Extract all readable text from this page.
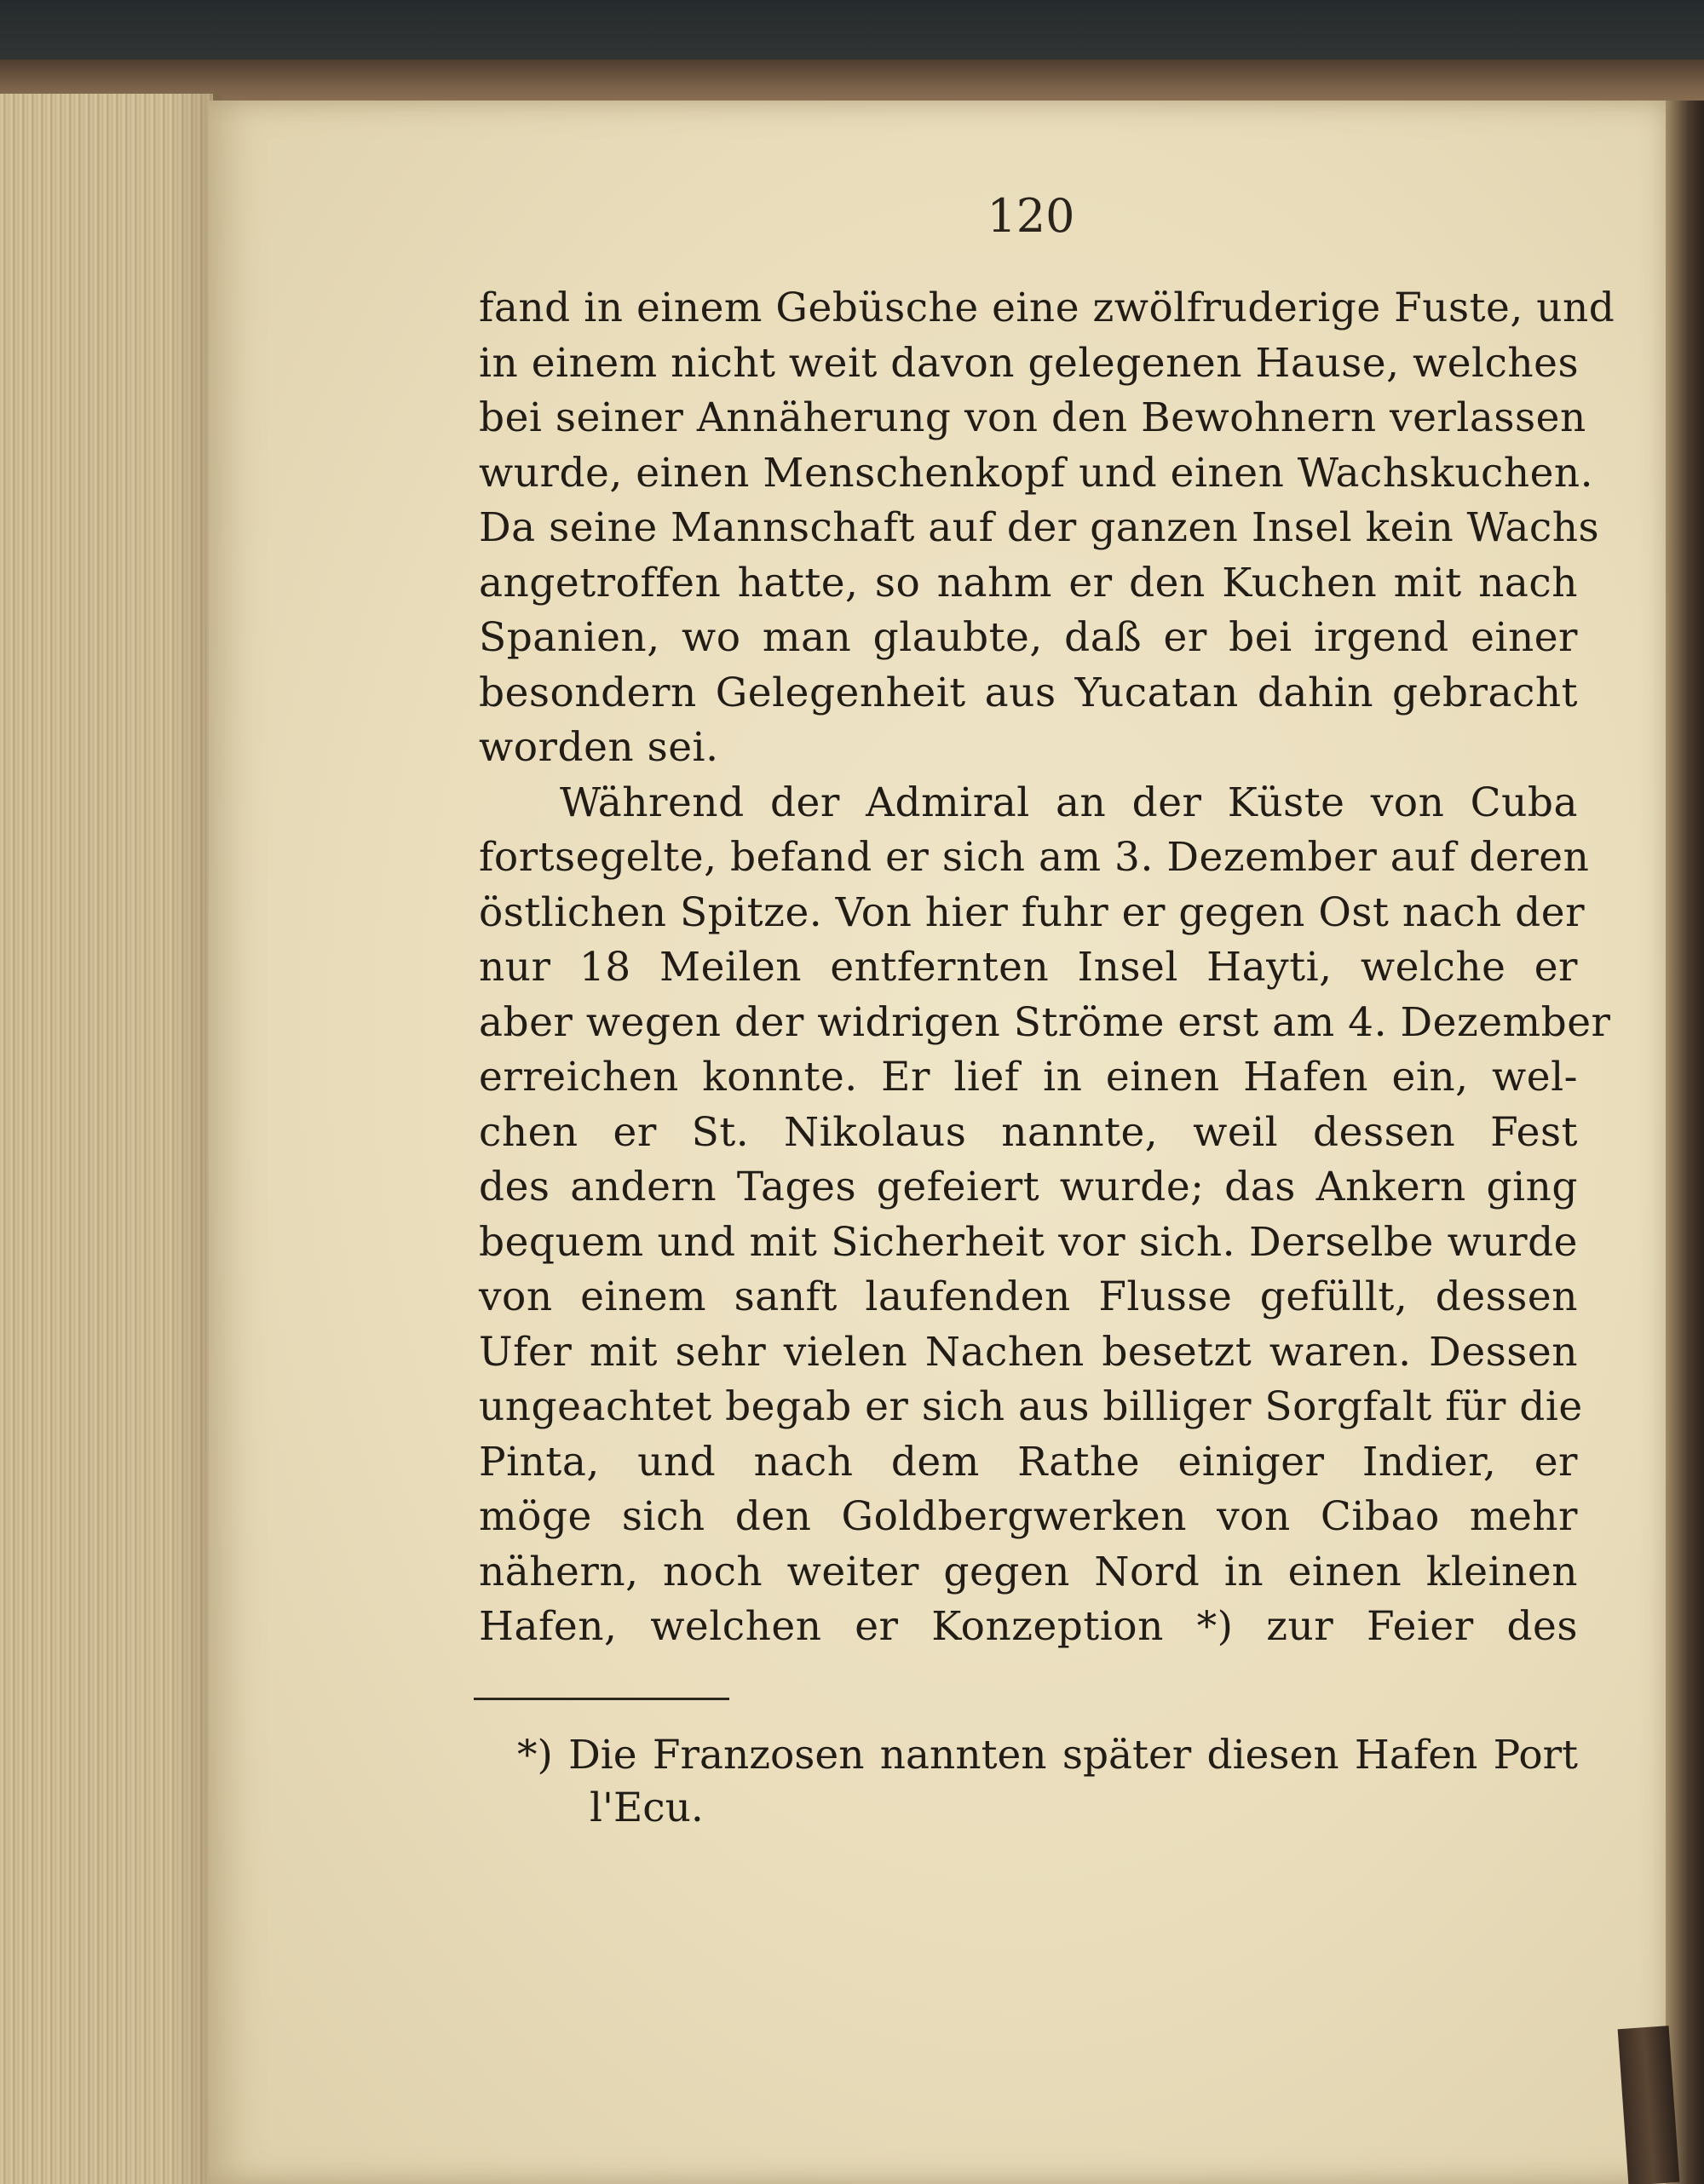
120
fand in einem Gebüsche eine zwölfruderige Fuste, und
in einem nicht weit davon gelegenen Hause, welches
bei seiner Annäherung von den Bewohnern verlassen
wurde, einen Menschenkopf und einen Wachskuchen.
Da seine Mannschaft auf der ganzen Insel kein Wachs
angetroffen hatte, so nahm er den Kuchen mit nach
Spanien, wo man glaubte, daß er bei irgend einer
besondern Gelegenheit aus Yucatan dahin gebracht
worden sei.
Während der Admiral an der Küste von Cuba
fortsegelte, befand er sich am 3. Dezember auf deren
östlichen Spitze. Von hier fuhr er gegen Ost nach der
nur 18 Meilen entfernten Insel Hayti, welche er
aber wegen der widrigen Ströme erst am 4. Dezember
erreichen konnte. Er lief in einen Hafen ein, wel-
chen er St. Nikolaus nannte, weil dessen Fest
des andern Tages gefeiert wurde; das Ankern ging
bequem und mit Sicherheit vor sich. Derselbe wurde
von einem sanft laufenden Flusse gefüllt, dessen
Ufer mit sehr vielen Nachen besetzt waren. Dessen
ungeachtet begab er sich aus billiger Sorgfalt für die
Pinta, und nach dem Rathe einiger Indier, er
möge sich den Goldbergwerken von Cibao mehr
nähern, noch weiter gegen Nord in einen kleinen
Hafen, welchen er Konzeption *) zur Feier des
*) Die Franzosen nannten später diesen Hafen Port
l'Ecu.
